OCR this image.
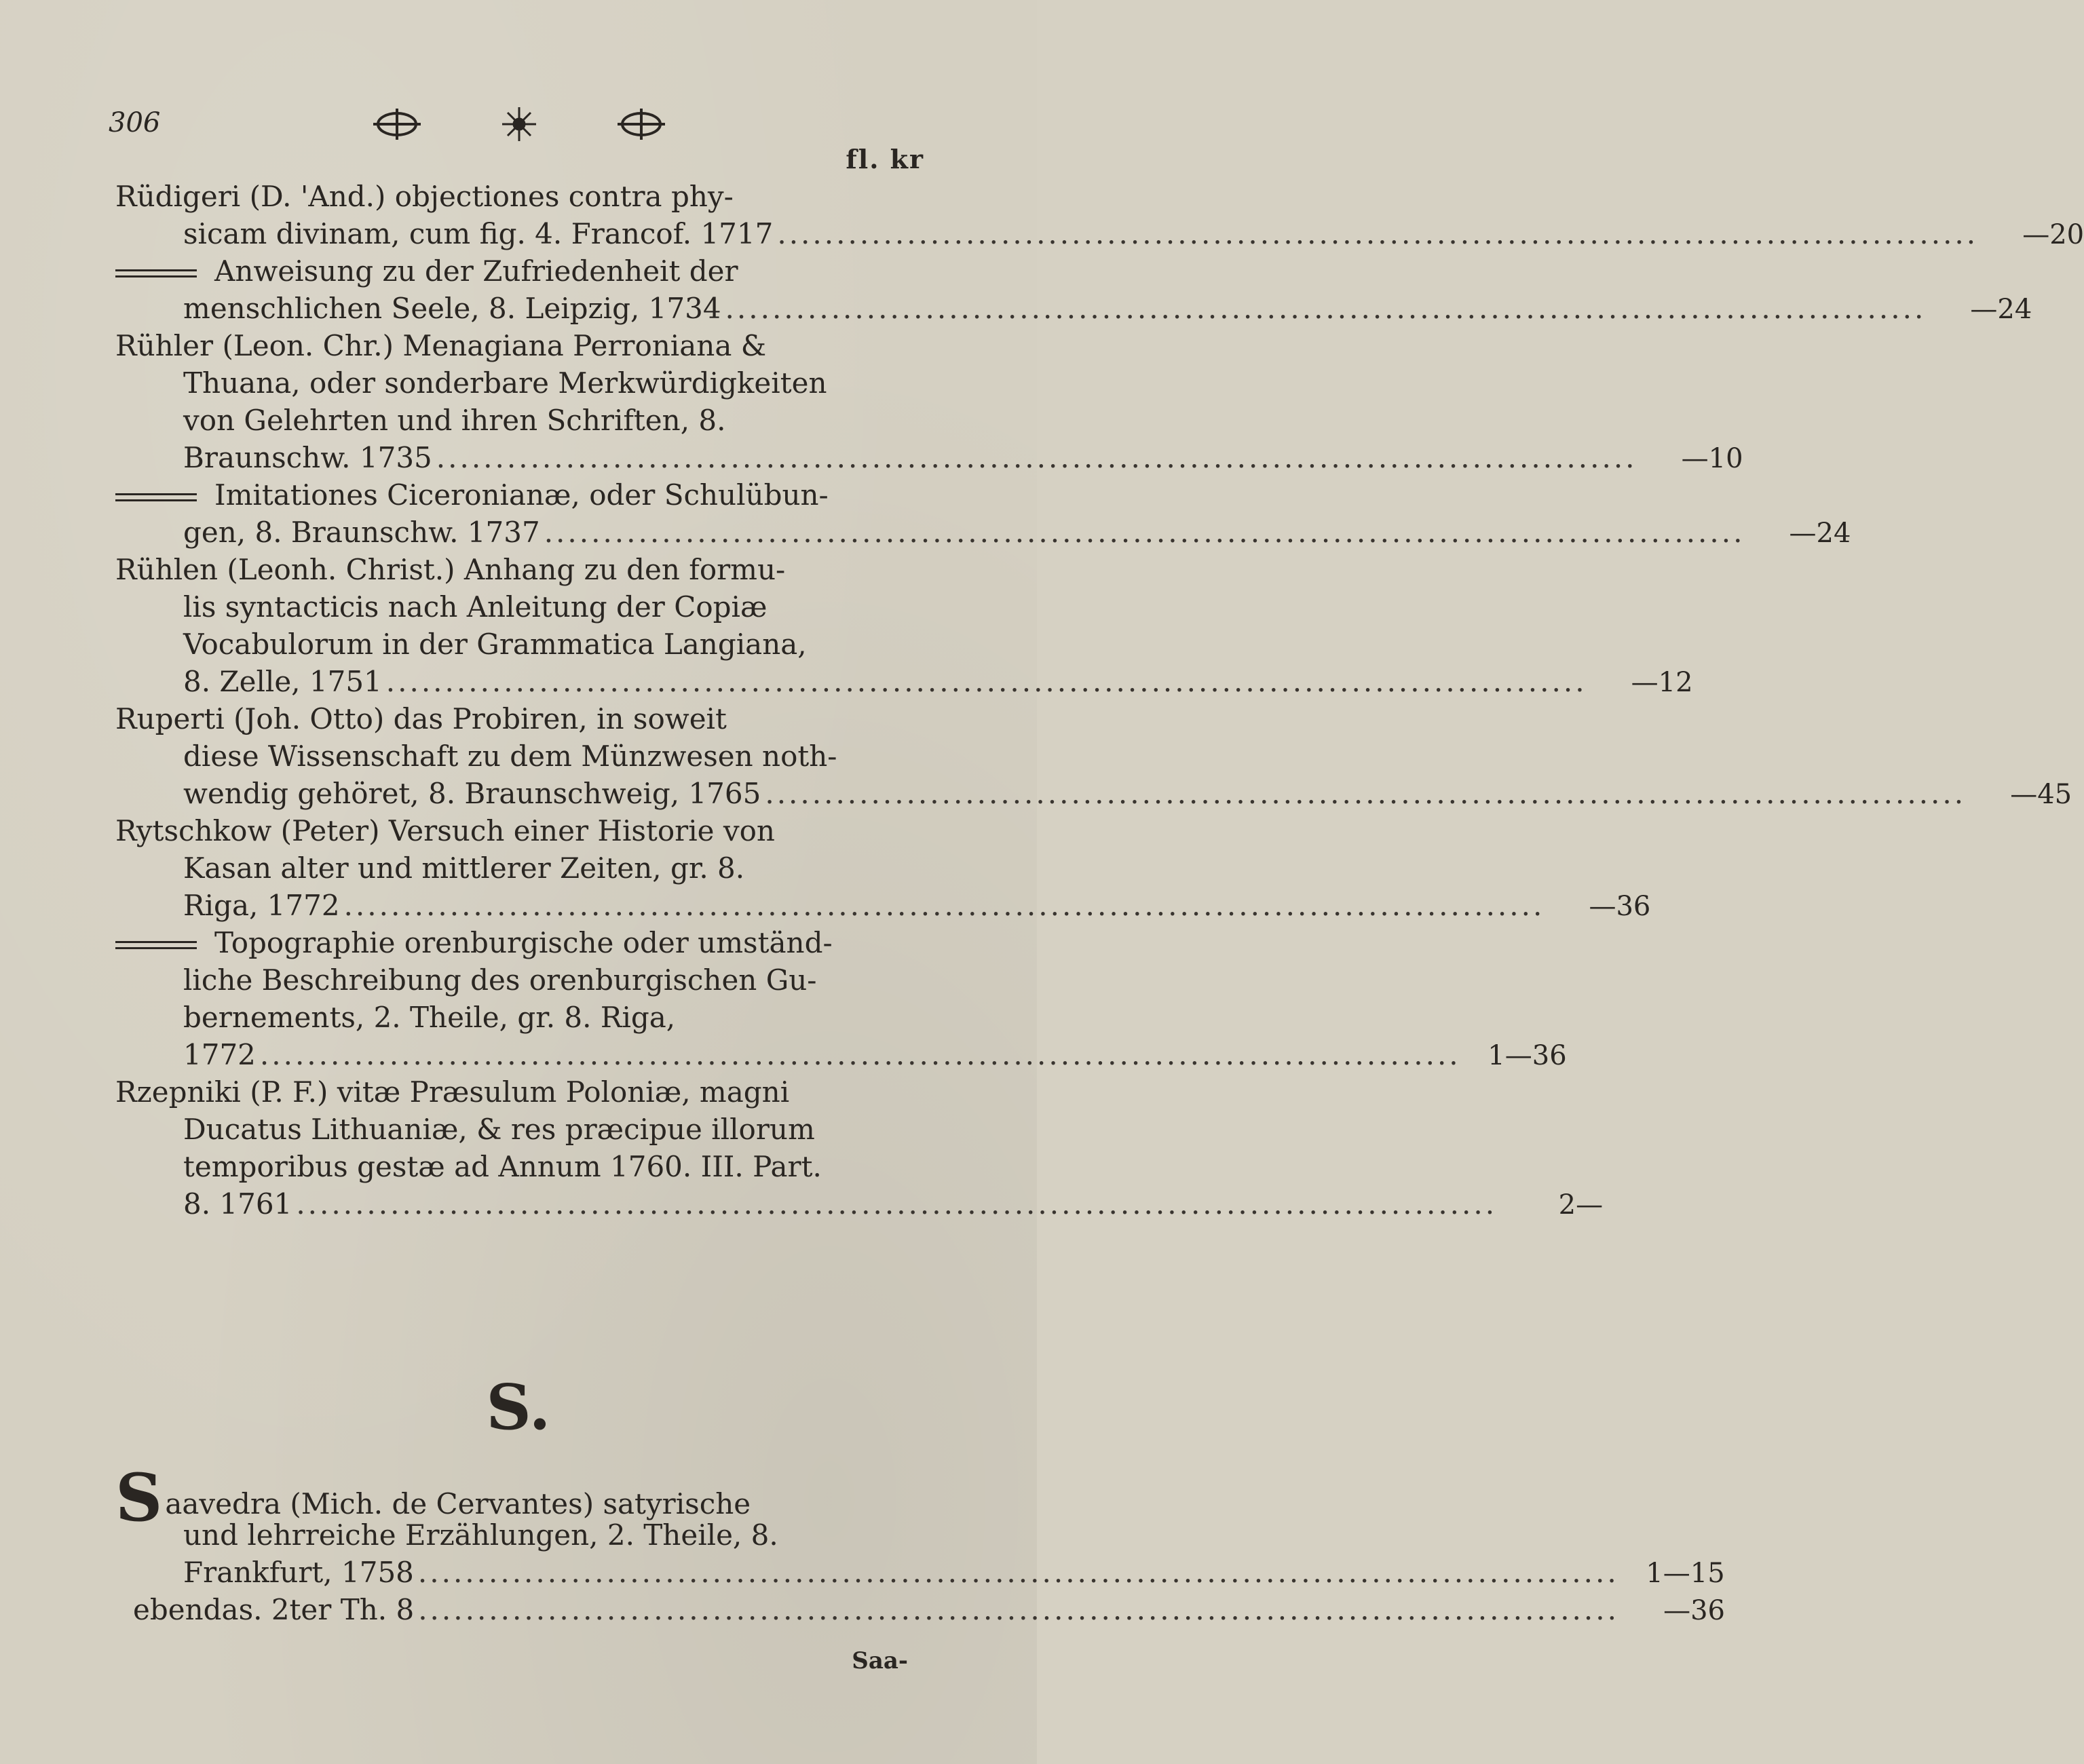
306
fl. kr
Rüdigeri (D. 'And.) objectiones contra phy-
sicam divinam, cum fig. 4. Francof. 1717 .....	—20
Anweisung zu der Zufriedenheit der
menschlichen Seele, 8. Leipzig, 1734 .....	—24
Rühler (Leon. Chr.) Menagiana Perroniana &
Thuana, oder sonderbare Merkwürdigkeiten
von Gelehrten und ihren Schriften, 8.
Braunschw. 1735 .....	—10
Imitationes Ciceronianæ, oder Schulübun-
gen, 8. Braunschw. 1737 .....	—24
Rühlen (Leonh. Christ.) Anhang zu den formu-
lis syntacticis nach Anleitung der Copiæ
Vocabulorum in der Grammatica Langiana,
8. Zelle, 1751 .....	—12
Ruperti (Joh. Otto) das Probiren, in soweit
diese Wissenschaft zu dem Münzwesen noth-
wendig gehöret, 8. Braunschweig, 1765 .....	—45
Rytschkow (Peter) Versuch einer Historie von
Kasan alter und mittlerer Zeiten, gr. 8.
Riga, 1772 .....	—36
Topographie orenburgische oder umständ-
liche Beschreibung des orenburgischen Gu-
bernements, 2. Theile, gr. 8. Riga,
1772 .....	1—36
Rzepniki (P. F.) vitæ Præsulum Poloniæ, magni
Ducatus Lithuaniæ, & res præcipue illorum
temporibus gestæ ad Annum 1760. III. Part.
8. 1761 .....	2—
S.
Saavedra (Mich. de Cervantes) satyrische
und lehrreiche Erzählungen, 2. Theile, 8.
Frankfurt, 1758 .....	1—15
ebendas. 2ter Th. 8 .....	—36
Saa-
